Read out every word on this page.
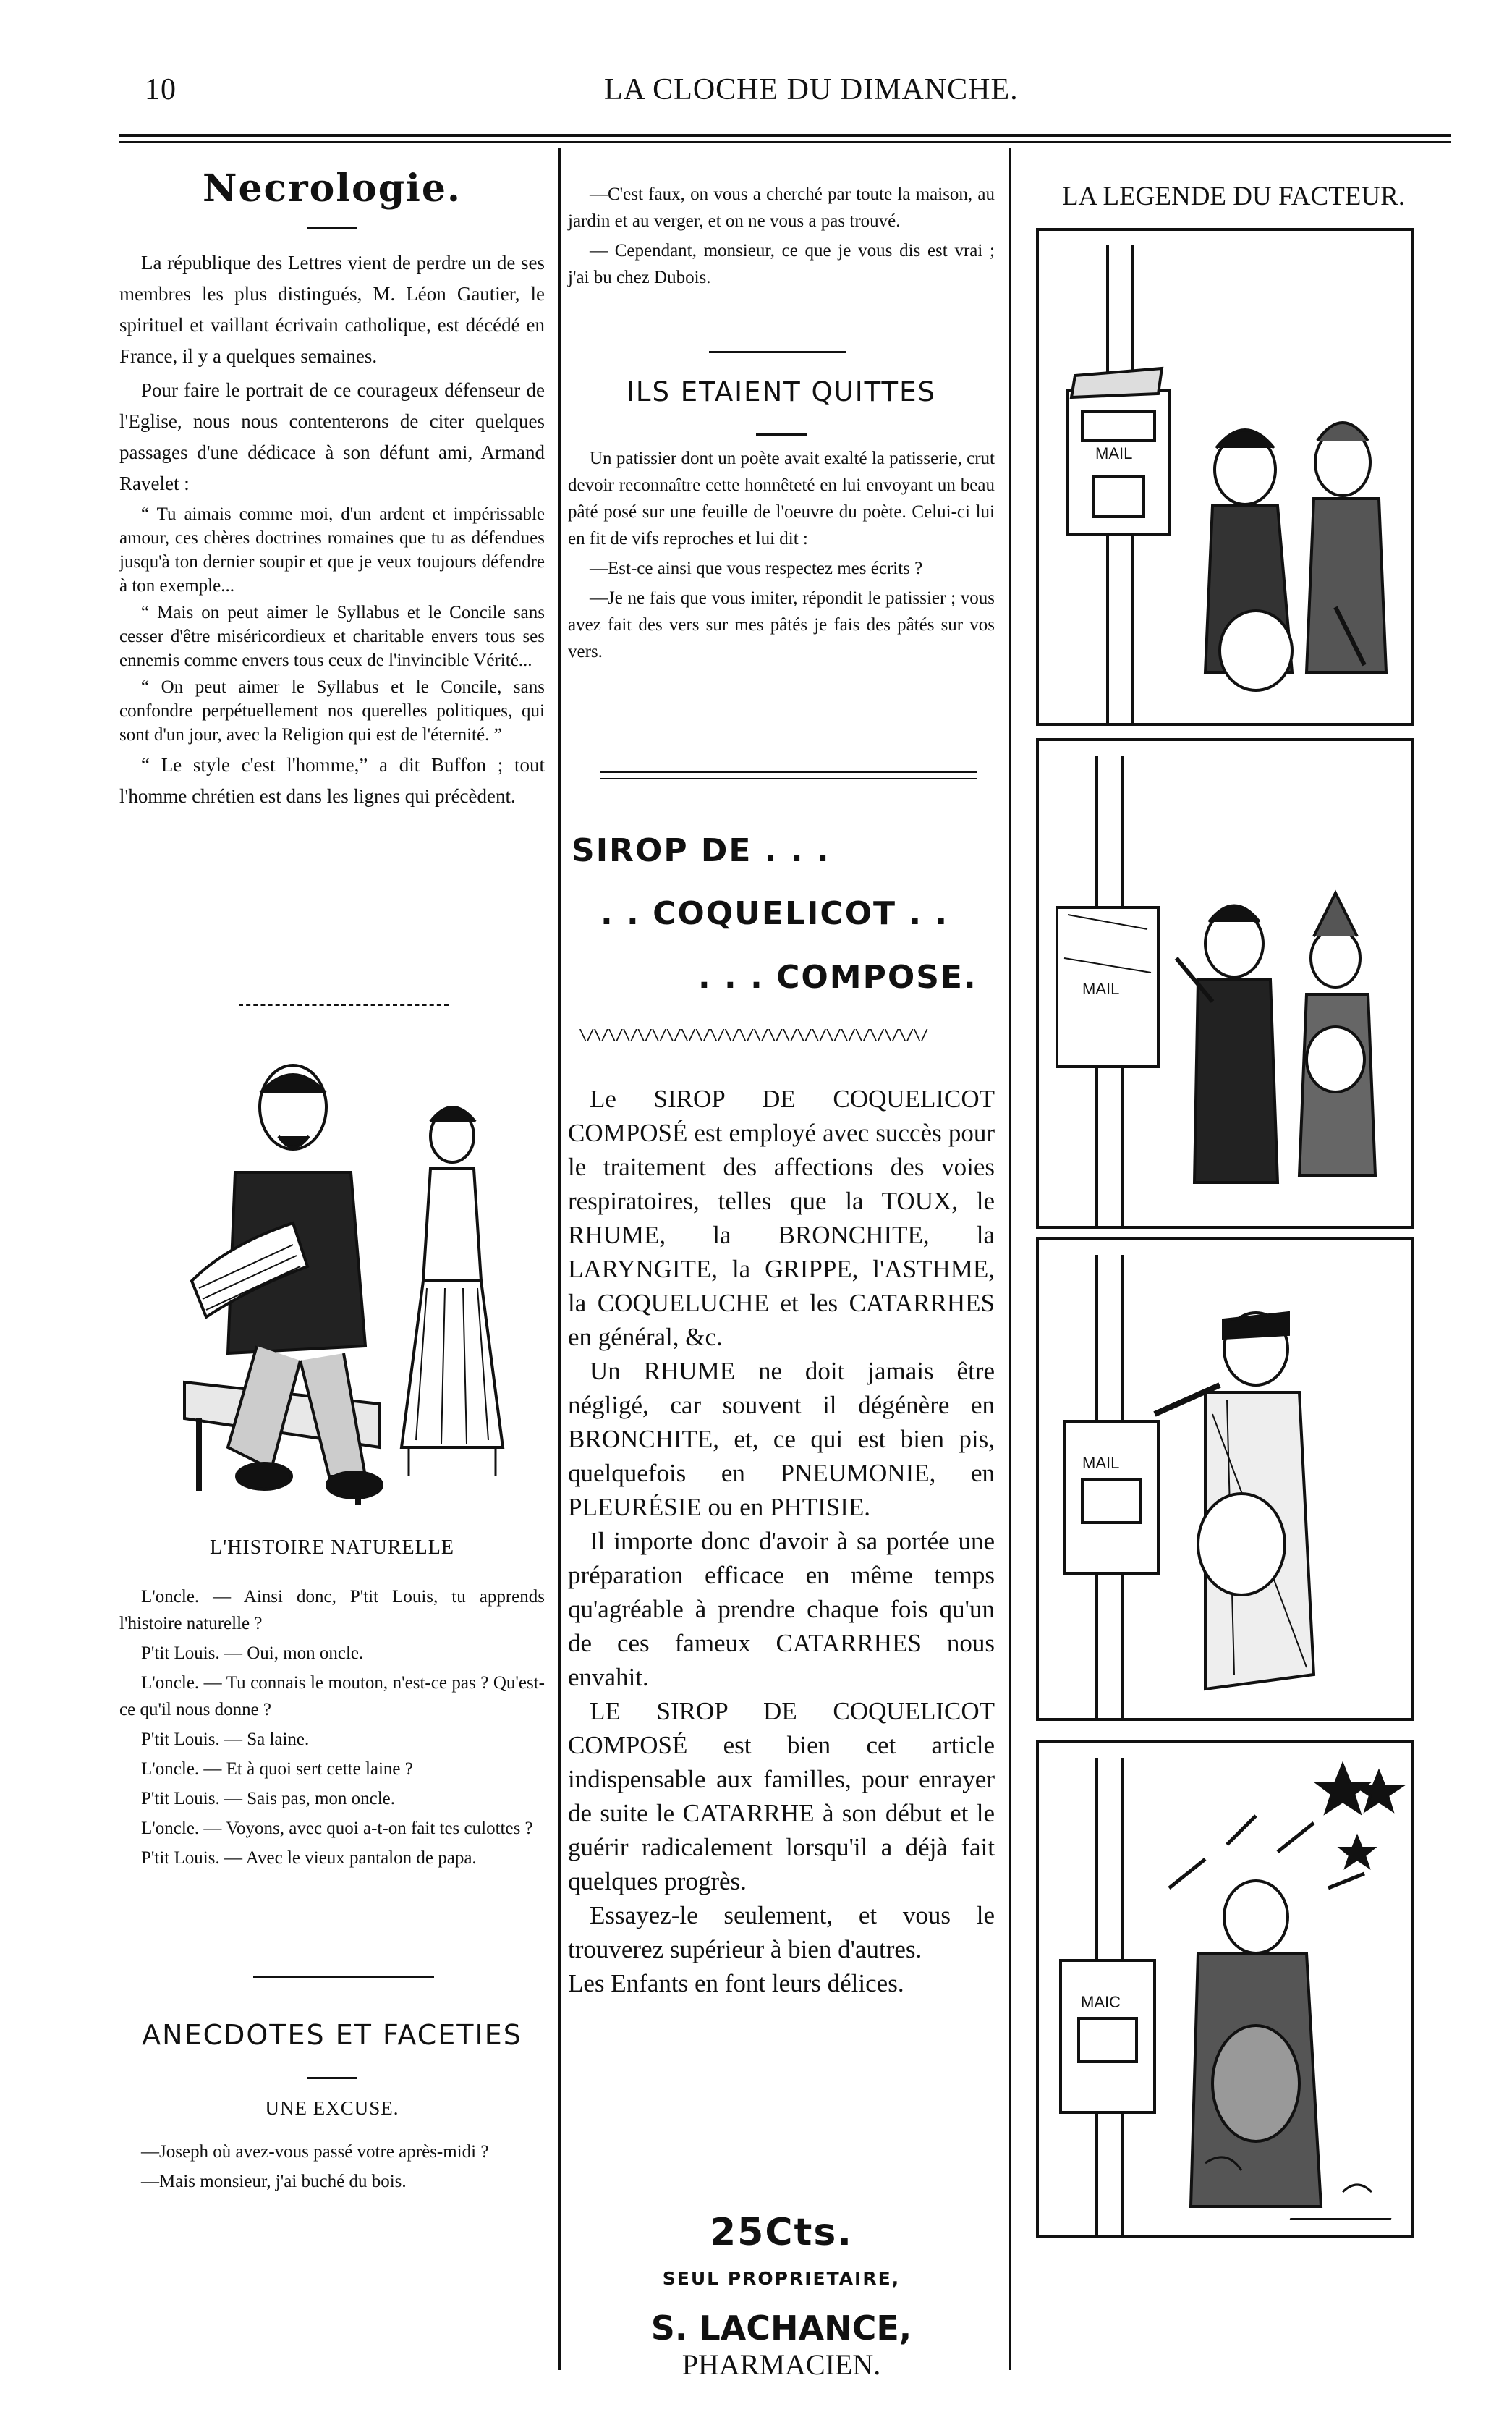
10	LA CLOCHE DU DIMANCHE.
Necrologie.

La république des Lettres vient de perdre un de ses membres les plus distingués, M. Léon Gautier, le spirituel et vaillant écrivain catholique, est décédé en France, il y a quelques semaines.

Pour faire le portrait de ce courageux défenseur de l'Eglise, nous nous contenterons de citer quelques passages d'une dédicace à son défunt ami, Armand Ravelet :

“ Tu aimais comme moi, d'un ardent et impérissable amour, ces chères doctrines romaines que tu as défendues jusqu'à ton dernier soupir et que je veux toujours défendre à ton exemple...

“ Mais on peut aimer le Syllabus et le Concile sans cesser d'être miséricordieux et charitable envers tous ses ennemis comme envers tous ceux de l'invincible Vérité...

“ On peut aimer le Syllabus et le Concile, sans confondre perpétuellement nos querelles politiques, qui sont d'un jour, avec la Religion qui est de l'éternité. ”

“ Le style c'est l'homme,” a dit Buffon ; tout l'homme chrétien est dans les lignes qui précèdent.

L'HISTOIRE NATURELLE

L'oncle. — Ainsi donc, P'tit Louis, tu apprends l'histoire naturelle ?

P'tit Louis. — Oui, mon oncle.

L'oncle. — Tu connais le mouton, n'est-ce pas ? Qu'est-ce qu'il nous donne ?

P'tit Louis. — Sa laine.

L'oncle. — Et à quoi sert cette laine ?

P'tit Louis. — Sais pas, mon oncle.

L'oncle. — Voyons, avec quoi a-t-on fait tes culottes ?

P'tit Louis. — Avec le vieux pantalon de papa.

ANECDOTES ET FACETIES
UNE EXCUSE.

—Joseph où avez-vous passé votre après-midi ?

—Mais monsieur, j'ai buché du bois.

—C'est faux, on vous a cherché par toute la maison, au jardin et au verger, et on ne vous a pas trouvé.

— Cependant, monsieur, ce que je vous dis est vrai ; j'ai bu chez Dubois.

ILS ETAIENT QUITTES

Un patissier dont un poète avait exalté la patisserie, crut devoir reconnaître cette honnêteté en lui envoyant un beau pâté posé sur une feuille de l'oeuvre du poète. Celui-ci lui en fit de vifs reproches et lui dit :

—Est-ce ainsi que vous respectez mes écrits ?

—Je ne fais que vous imiter, répondit le patissier ; vous avez fait des vers sur mes pâtés je fais des pâtés sur vos vers.

SIROP DE . . .
. . COQUELICOT . .
. . . COMPOSE.
\/\/\/\/\/\/\/\/\/\/\/\/\/\/\/\/\/\/\/\/\/\/\/\/

Le SIROP DE COQUELICOT COMPOSÉ est employé avec succès pour le traitement des affections des voies respiratoires, telles que la TOUX, le RHUME, la BRONCHITE, la LARYNGITE, la GRIPPE, l'ASTHME, la COQUELUCHE et les CATARRHES en général, &c.

Un RHUME ne doit jamais être négligé, car souvent il dégénère en BRONCHITE, et, ce qui est bien pis, quelquefois en PNEUMONIE, en PLEURÉSIE ou en PHTISIE.

Il importe donc d'avoir à sa portée une préparation efficace en même temps qu'agréable à prendre chaque fois qu'un de ces fameux CATARRHES nous envahit.

LE SIROP DE COQUELICOT COMPOSÉ est bien cet article indispensable aux familles, pour enrayer de suite le CATARRHE à son début et le guérir radicalement lorsqu'il a déjà fait quelques progrès.

Essayez-le seulement, et vous le trouverez supérieur à bien d'autres.

Les Enfants en font leurs délices.

25Cts.
SEUL PROPRIETAIRE,
S. LACHANCE, PHARMACIEN.
LA LEGENDE DU FACTEUR.
MAIL
MAIL
MAIL
MAIC
